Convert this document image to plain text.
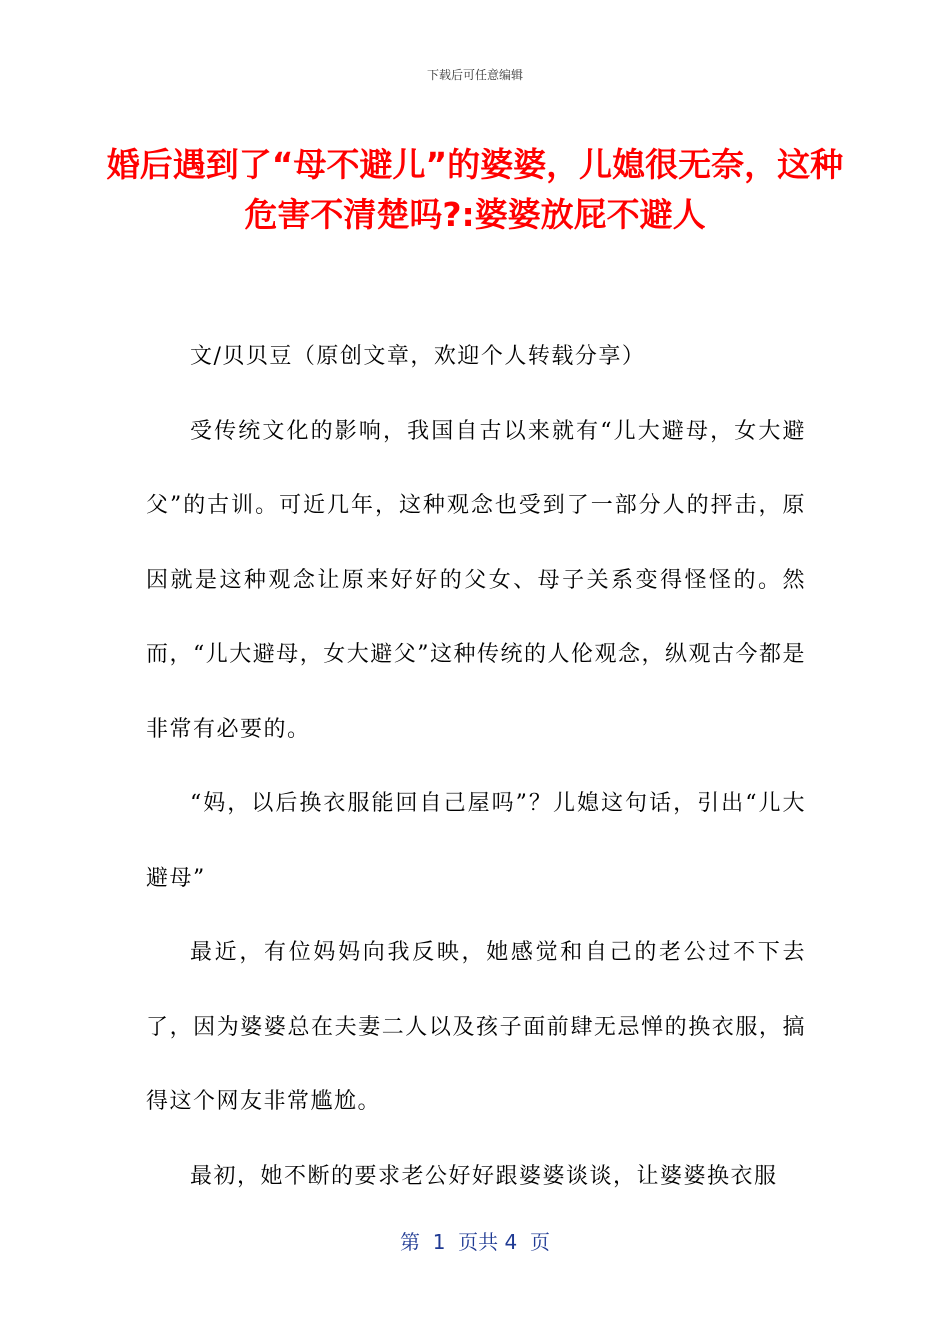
下载后可任意编辑
婚后遇到了“母不避儿”的婆婆，儿媳很无奈，这种危害不清楚吗?:婆婆放屁不避人

文/贝贝豆（原创文章，欢迎个人转载分享）

受传统文化的影响，我国自古以来就有“儿大避母，女大避父”的古训。可近几年，这种观念也受到了一部分人的抨击，原因就是这种观念让原来好好的父女、母子关系变得怪怪的。然而，“儿大避母，女大避父”这种传统的人伦观念，纵观古今都是非常有必要的。

“妈，以后换衣服能回自己屋吗”？儿媳这句话，引出“儿大避母”

最近，有位妈妈向我反映，她感觉和自己的老公过不下去了，因为婆婆总在夫妻二人以及孩子面前肆无忌惮的换衣服，搞得这个网友非常尴尬。

最初，她不断的要求老公好好跟婆婆谈谈，让婆婆换衣服

第  1  页共 4  页
